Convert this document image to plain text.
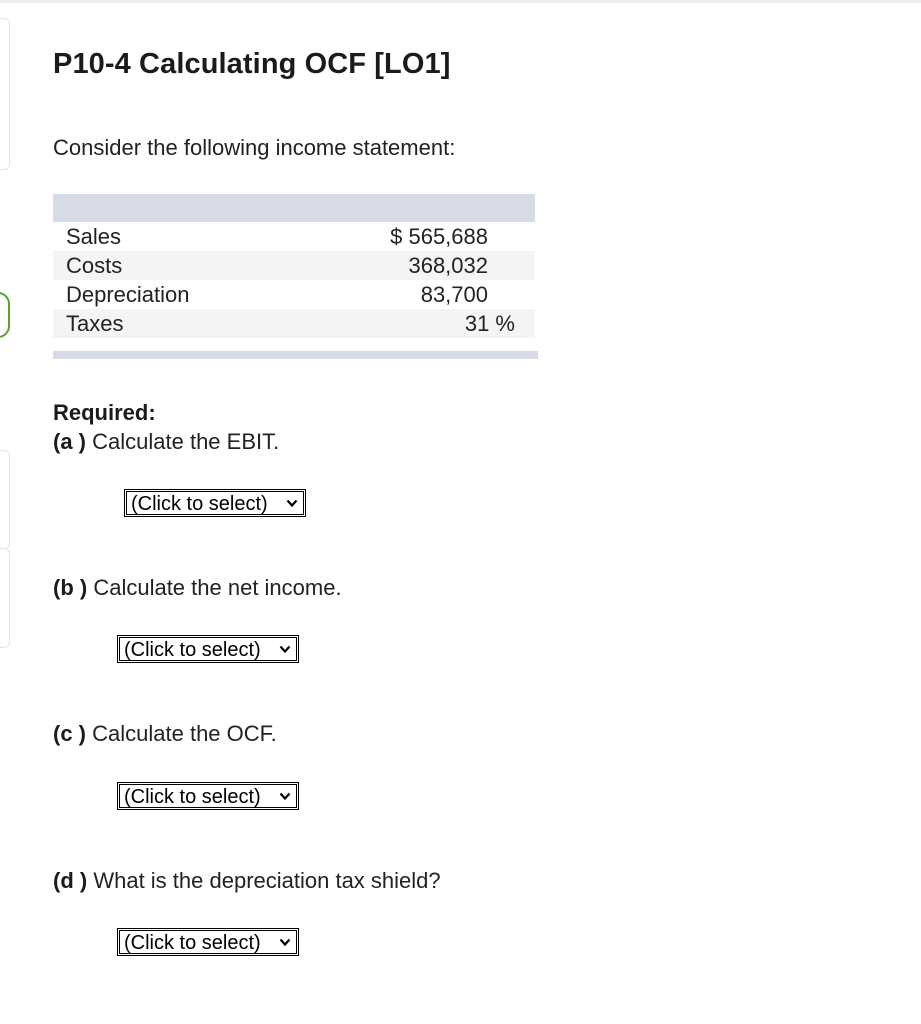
P10-4 Calculating OCF [LO1]
Consider the following income statement:
Sales	$ 565,688
Costs	368,032
Depreciation	83,700
Taxes	31 %
Required:
(a ) Calculate the EBIT.
(Click to select)
(b ) Calculate the net income.
(Click to select)
(c ) Calculate the OCF.
(Click to select)
(d ) What is the depreciation tax shield?
(Click to select)
